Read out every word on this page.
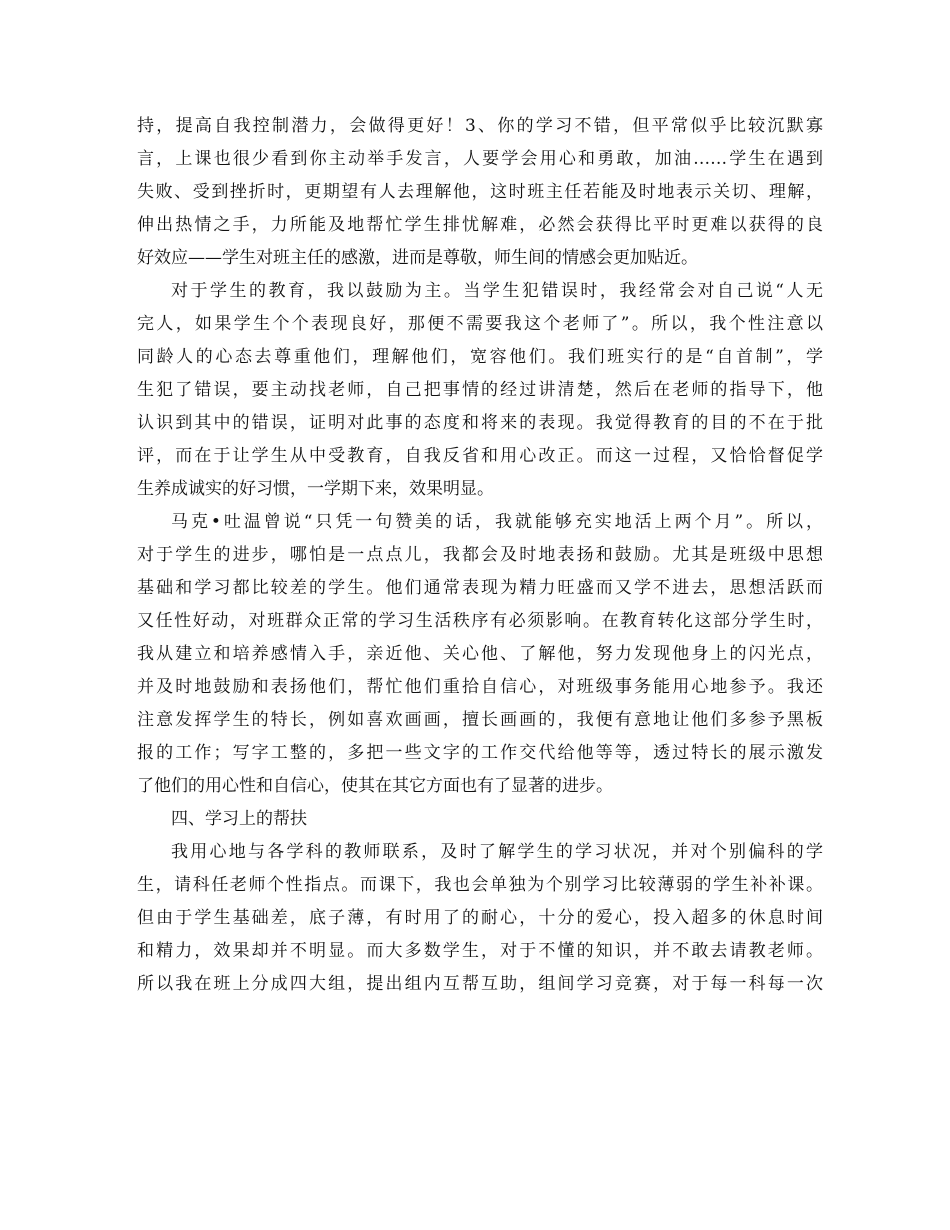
持，提高自我控制潜力，会做得更好！3、你的学习不错，但平常似乎比较沉默寡
言，上课也很少看到你主动举手发言，人要学会用心和勇敢，加油……学生在遇到
失败、受到挫折时，更期望有人去理解他，这时班主任若能及时地表示关切、理解，
伸出热情之手，力所能及地帮忙学生排忧解难，必然会获得比平时更难以获得的良
好效应——学生对班主任的感激，进而是尊敬，师生间的情感会更加贴近。
对于学生的教育，我以鼓励为主。当学生犯错误时，我经常会对自己说“人无
完人，如果学生个个表现良好，那便不需要我这个老师了”。所以，我个性注意以
同龄人的心态去尊重他们，理解他们，宽容他们。我们班实行的是“自首制”，学
生犯了错误，要主动找老师，自己把事情的经过讲清楚，然后在老师的指导下，他
认识到其中的错误，证明对此事的态度和将来的表现。我觉得教育的目的不在于批
评，而在于让学生从中受教育，自我反省和用心改正。而这一过程，又恰恰督促学
生养成诚实的好习惯，一学期下来，效果明显。
马克•吐温曾说“只凭一句赞美的话，我就能够充实地活上两个月”。所以，
对于学生的进步，哪怕是一点点儿，我都会及时地表扬和鼓励。尤其是班级中思想
基础和学习都比较差的学生。他们通常表现为精力旺盛而又学不进去，思想活跃而
又任性好动，对班群众正常的学习生活秩序有必须影响。在教育转化这部分学生时，
我从建立和培养感情入手，亲近他、关心他、了解他，努力发现他身上的闪光点，
并及时地鼓励和表扬他们，帮忙他们重拾自信心，对班级事务能用心地参予。我还
注意发挥学生的特长，例如喜欢画画，擅长画画的，我便有意地让他们多参予黑板
报的工作；写字工整的，多把一些文字的工作交代给他等等，透过特长的展示激发
了他们的用心性和自信心，使其在其它方面也有了显著的进步。
四、学习上的帮扶
我用心地与各学科的教师联系，及时了解学生的学习状况，并对个别偏科的学
生，请科任老师个性指点。而课下，我也会单独为个别学习比较薄弱的学生补补课。
但由于学生基础差，底子薄，有时用了的耐心，十分的爱心，投入超多的休息时间
和精力，效果却并不明显。而大多数学生，对于不懂的知识，并不敢去请教老师。
所以我在班上分成四大组，提出组内互帮互助，组间学习竞赛，对于每一科每一次
